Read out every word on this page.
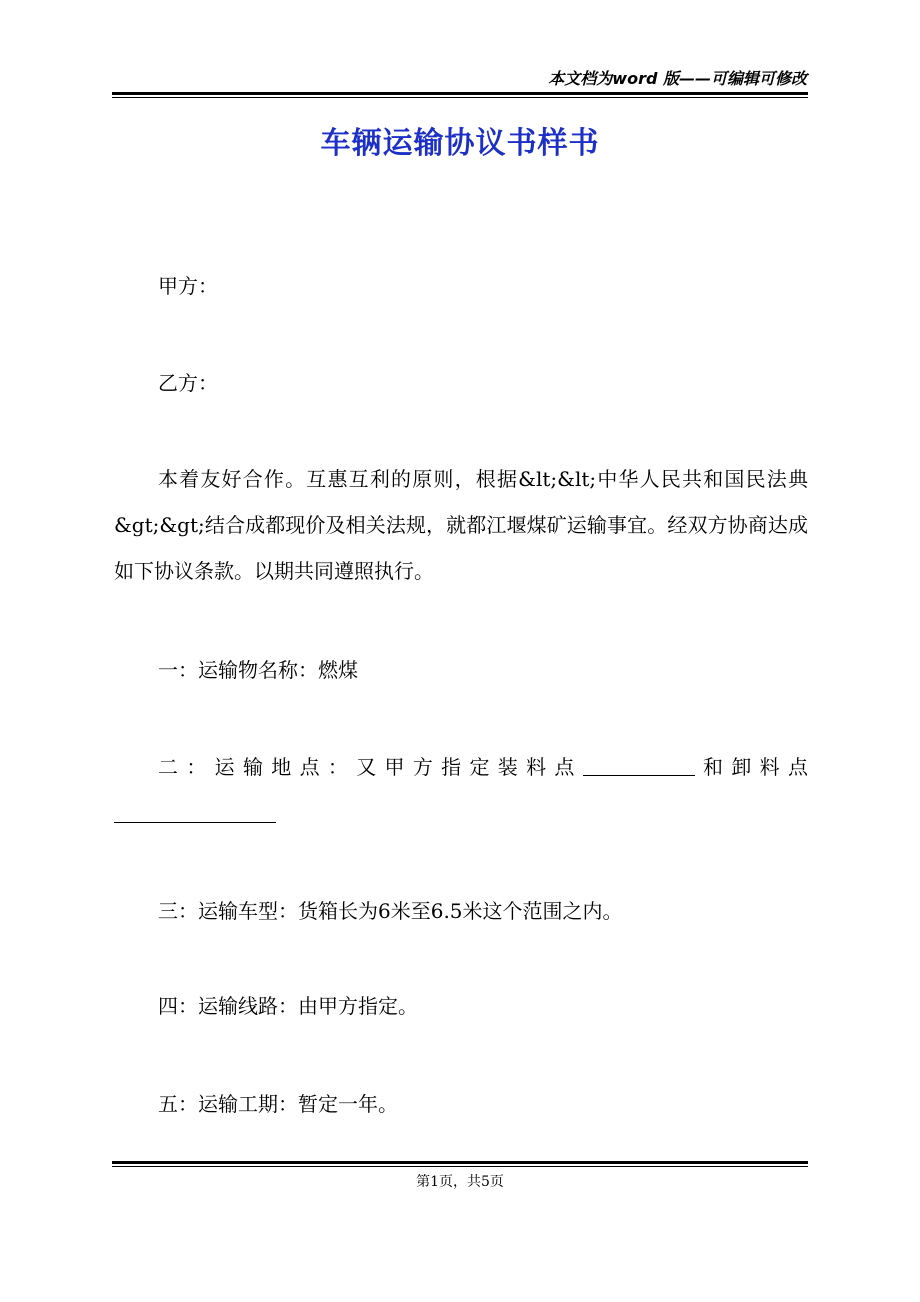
本文档为word 版——可编辑可修改
车辆运输协议书样书
甲方：
乙方：
本着友好合作。互惠互利的原则，根据&lt;&lt;中华人民共和国民法典&gt;&gt;结合成都现价及相关法规，就都江堰煤矿运输事宜。经双方协商达成如下协议条款。以期共同遵照执行。
一：运输物名称：燃煤
二 ： 运 输 地 点 ： 又 甲 方 指 定 装 料 点	和 卸 料 点
三：运输车型：货箱长为6米至6.5米这个范围之内。
四：运输线路：由甲方指定。
五：运输工期：暂定一年。
第1页，共5页
